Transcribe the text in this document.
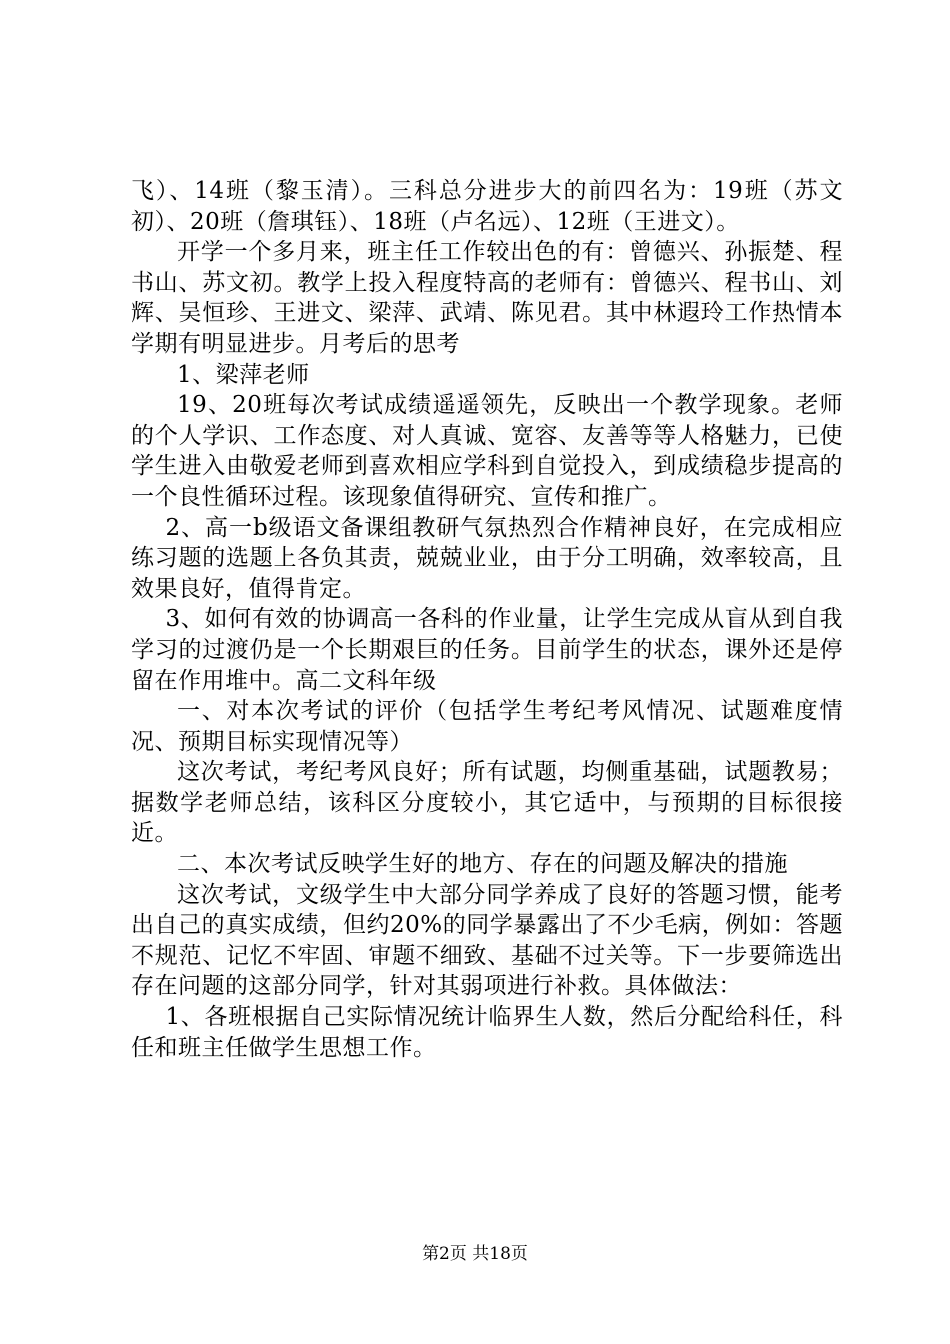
飞）、14班（黎玉清）。三科总分进步大的前四名为：19班（苏文初）、20班（詹琪钰）、18班（卢名远）、12班（王进文）。

开学一个多月来，班主任工作较出色的有：曾德兴、孙振楚、程书山、苏文初。教学上投入程度特高的老师有：曾德兴、程书山、刘辉、吴恒珍、王进文、梁萍、武靖、陈见君。其中林遐玲工作热情本学期有明显进步。月考后的思考

1、梁萍老师

19、20班每次考试成绩遥遥领先，反映出一个教学现象。老师的个人学识、工作态度、对人真诚、宽容、友善等等人格魅力，已使学生进入由敬爱老师到喜欢相应学科到自觉投入，到成绩稳步提高的一个良性循环过程。该现象值得研究、宣传和推广。

2、高一b级语文备课组教研气氛热烈合作精神良好，在完成相应练习题的选题上各负其责，兢兢业业，由于分工明确，效率较高，且效果良好，值得肯定。

3、如何有效的协调高一各科的作业量，让学生完成从盲从到自我学习的过渡仍是一个长期艰巨的任务。目前学生的状态，课外还是停留在作用堆中。高二文科年级

一、对本次考试的评价（包括学生考纪考风情况、试题难度情况、预期目标实现情况等）

这次考试，考纪考风良好；所有试题，均侧重基础，试题教易；据数学老师总结，该科区分度较小，其它适中，与预期的目标很接近。

二、本次考试反映学生好的地方、存在的问题及解决的措施

这次考试，文级学生中大部分同学养成了良好的答题习惯，能考出自己的真实成绩，但约20%的同学暴露出了不少毛病，例如：答题不规范、记忆不牢固、审题不细致、基础不过关等。下一步要筛选出存在问题的这部分同学，针对其弱项进行补救。具体做法：

1、各班根据自己实际情况统计临界生人数，然后分配给科任，科任和班主任做学生思想工作。

第2页 共18页
